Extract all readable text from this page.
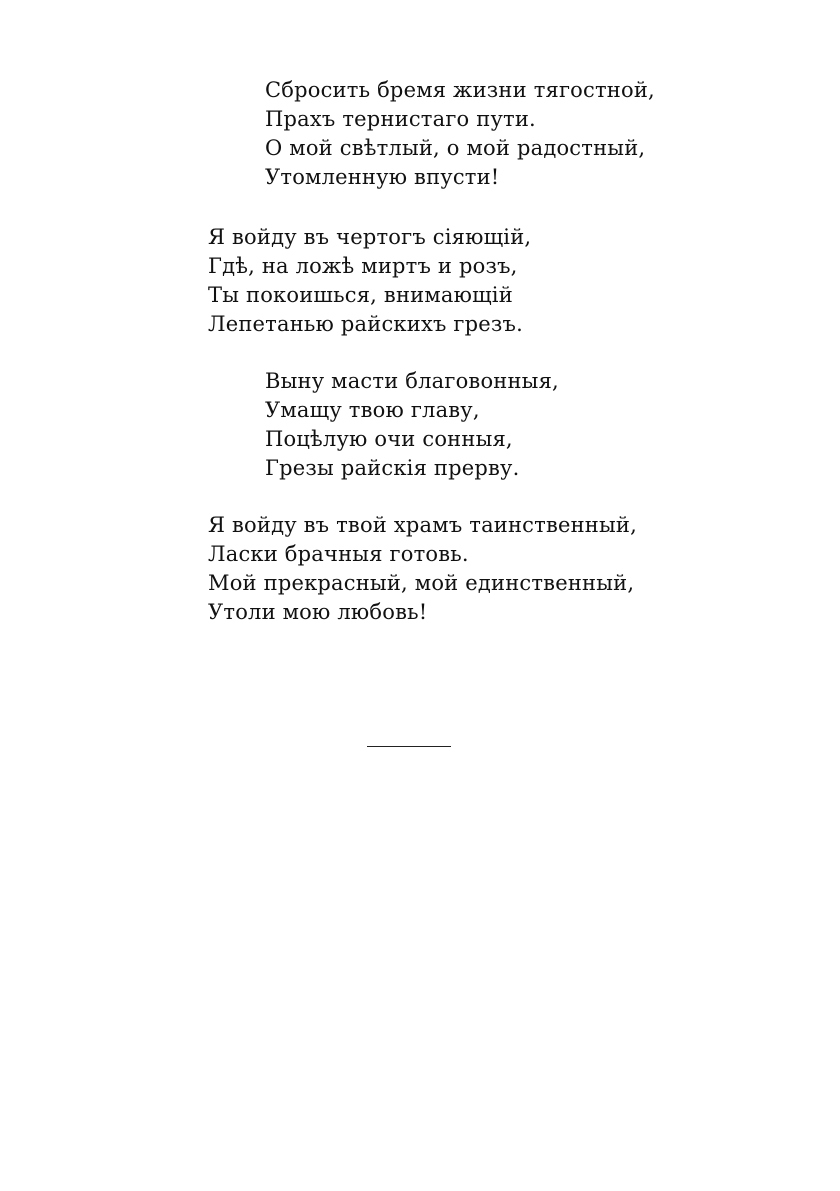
Сбросить бремя жизни тягостной,
Прахъ тернистаго пути.
О мой свѣтлый, о мой радостный,
Утомленную впусти!
Я войду въ чертогъ сіяющій,
Гдѣ, на ложѣ миртъ и розъ,
Ты покоишься, внимающій
Лепетанью райскихъ грезъ.
Выну масти благовонныя,
Умащу твою главу,
Поцѣлую очи сонныя,
Грезы райскія прерву.
Я войду въ твой храмъ таинственный,
Ласки брачныя готовь.
Мой прекрасный, мой единственный,
Утоли мою любовь!
